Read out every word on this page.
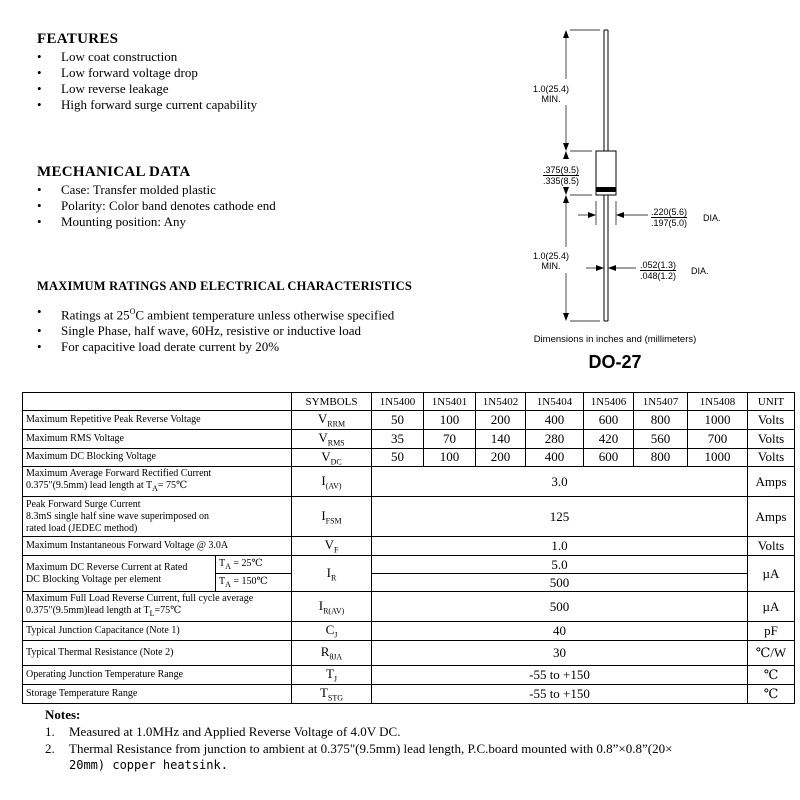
FEATURES
• Low coat construction
• Low forward voltage drop
• Low reverse leakage
• High forward surge current capability
MECHANICAL DATA
• Case: Transfer molded plastic
• Polarity: Color band denotes cathode end
• Mounting position: Any
MAXIMUM RATINGS AND ELECTRICAL CHARACTERISTICS
• Ratings at $25^OC$ ambient temperature unless otherwise specified
• Single Phase, half wave, 60Hz, resistive or inductive load
• For capacitive load derate current by 20%
1.0(25.4)
MIN.
.375(9.5)
.335(8.5)
.220(5.6)
.197(5.0) DIA.
1.0(25.4)
MIN.	.052(1.3)
.048(1.2) DIA.
Dimensions in inches and (millimeters)
DO-27
		SYMBOLS	1N5400	1N5401	1N5402	1N5404	1N5406	1N5407	1N5408	UNIT
Maximum Repetitive Peak Reverse Voltage		$V_{RRM}$	50	100	200	400	600	800	1000	Volts
Maximum RMS Voltage		$V_{RMS}$	35	70	140	280	420	560	700	Volts
Maximum DC Blocking Voltage		$V_{DC}$	50	100	200	400	600	800	1000	Volts

Maximum Average Forward Rectified Current
0.375"(9.5mm) lead length at $T_A=$ 75℃		$I_{(AV)}$	3.0							Amps

Peak Forward Surge Current
8.3mS single half sine wave superimposed on
rated load (JEDEC method)		$I_{FSM}$	125							Amps
Maximum Instantaneous Forward Voltage @ 3.0A		$V_F$	1.0							Volts

Maximum DC Reverse Current at Rated
DC Blocking Voltage per element	$T_A$ = 25℃	$I_R$	5.0							µA
	$T_A$ = 150℃		500							

Maximum Full Load Reverse Current, full cycle average
0.375"(9.5mm)lead length at $T_L=75℃$		$I_{R(AV)}$	500							µA
Typical Junction Capacitance (Note 1)		$C_J$	40							pF
Typical Thermal Resistance (Note 2)		$R_{\theta JA}$	30							℃/W
Operating Junction Temperature Range		$T_J$	-55 to +150							℃
Storage Temperature Range		$T_{STG}$	-55 to +150							℃
Notes:
1. Measured at 1.0MHz and Applied Reverse Voltage of 4.0V DC.
2. Thermal Resistance from junction to ambient at 0.375"(9.5mm) lead length, P.C.board mounted with 0.8”×0.8”(20×
20mm) copper heatsink.
